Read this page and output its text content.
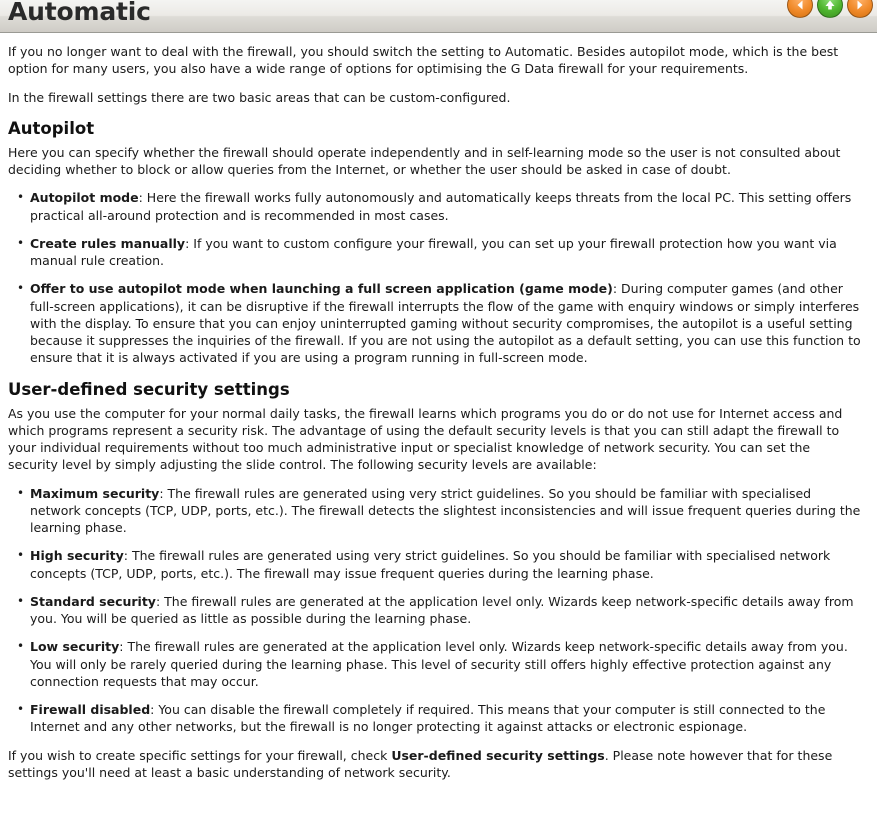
Automatic

If you no longer want to deal with the firewall, you should switch the setting to Automatic. Besides autopilot mode, which is the best option for many users, you also have a wide range of options for optimising the G Data firewall for your requirements.

In the firewall settings there are two basic areas that can be custom-configured.

Autopilot

Here you can specify whether the firewall should operate independently and in self-learning mode so the user is not consulted about deciding whether to block or allow queries from the Internet, or whether the user should be asked in case of doubt.

• Autopilot mode: Here the firewall works fully autonomously and automatically keeps threats from the local PC. This setting offers practical all-around protection and is recommended in most cases.
• Create rules manually: If you want to custom configure your firewall, you can set up your firewall protection how you want via manual rule creation.
• Offer to use autopilot mode when launching a full screen application (game mode): During computer games (and other full-screen applications), it can be disruptive if the firewall interrupts the flow of the game with enquiry windows or simply interferes with the display. To ensure that you can enjoy uninterrupted gaming without security compromises, the autopilot is a useful setting because it suppresses the inquiries of the firewall. If you are not using the autopilot as a default setting, you can use this function to ensure that it is always activated if you are using a program running in full-screen mode.
User-defined security settings

As you use the computer for your normal daily tasks, the firewall learns which programs you do or do not use for Internet access and which programs represent a security risk. The advantage of using the default security levels is that you can still adapt the firewall to your individual requirements without too much administrative input or specialist knowledge of network security. You can set the security level by simply adjusting the slide control. The following security levels are available:

• Maximum security: The firewall rules are generated using very strict guidelines. So you should be familiar with specialised network concepts (TCP, UDP, ports, etc.). The firewall detects the slightest inconsistencies and will issue frequent queries during the learning phase.
• High security: The firewall rules are generated using very strict guidelines. So you should be familiar with specialised network concepts (TCP, UDP, ports, etc.). The firewall may issue frequent queries during the learning phase.
• Standard security: The firewall rules are generated at the application level only. Wizards keep network-specific details away from you. You will be queried as little as possible during the learning phase.
• Low security: The firewall rules are generated at the application level only. Wizards keep network-specific details away from you. You will only be rarely queried during the learning phase. This level of security still offers highly effective protection against any connection requests that may occur.
• Firewall disabled: You can disable the firewall completely if required. This means that your computer is still connected to the Internet and any other networks, but the firewall is no longer protecting it against attacks or electronic espionage.

If you wish to create specific settings for your firewall, check User-defined security settings. Please note however that for these settings you'll need at least a basic understanding of network security.
